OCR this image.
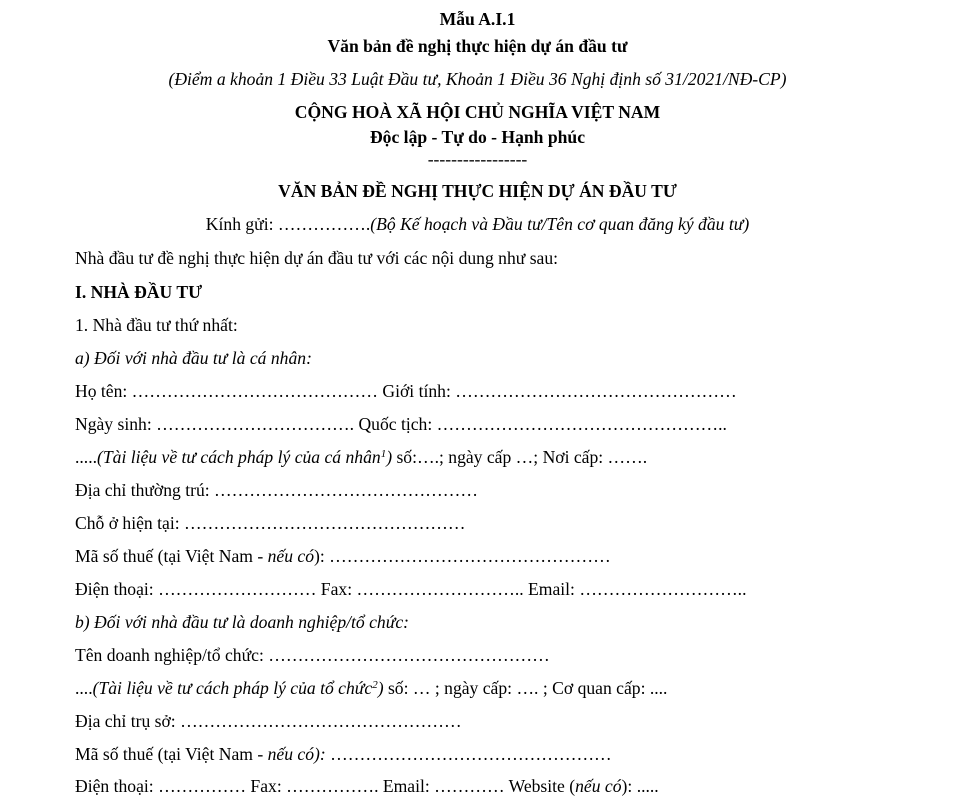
Mẫu A.I.1
Văn bản đề nghị thực hiện dự án đầu tư
(Điểm a khoản 1 Điều 33 Luật Đầu tư, Khoản 1 Điều 36 Nghị định số 31/2021/NĐ-CP)
CỘNG HOÀ XÃ HỘI CHỦ NGHĨA VIỆT NAM
Độc lập - Tự do - Hạnh phúc
-----------------
VĂN BẢN ĐỀ NGHỊ THỰC HIỆN DỰ ÁN ĐẦU TƯ
Kính gửi: …………….(Bộ Kế hoạch và Đầu tư/Tên cơ quan đăng ký đầu tư)
Nhà đầu tư đề nghị thực hiện dự án đầu tư với các nội dung như sau:
I. NHÀ ĐẦU TƯ
1. Nhà đầu tư thứ nhất:
a) Đối với nhà đầu tư là cá nhân:
Họ tên: …………………………………… Giới tính: …………………………………………
Ngày sinh: ……………………………. Quốc tịch: …………………………………………..
.....(Tài liệu về tư cách pháp lý của cá nhân$^1$) số:….; ngày cấp …; Nơi cấp: …….
Địa chỉ thường trú: ………………………………………
Chỗ ở hiện tại: …………………………………………
Mã số thuế (tại Việt Nam - nếu có): …………………………………………
Điện thoại: ……………………… Fax: ……………………….. Email: ………………………..
b) Đối với nhà đầu tư là doanh nghiệp/tổ chức:
Tên doanh nghiệp/tổ chức: …………………………………………
....(Tài liệu về tư cách pháp lý của tổ chức$^2$) số: … ; ngày cấp: …. ; Cơ quan cấp: ....
Địa chỉ trụ sở: …………………………………………
Mã số thuế (tại Việt Nam - nếu có): …………………………………………
Điện thoại: …………… Fax: ……………. Email: ………… Website (nếu có): .....
